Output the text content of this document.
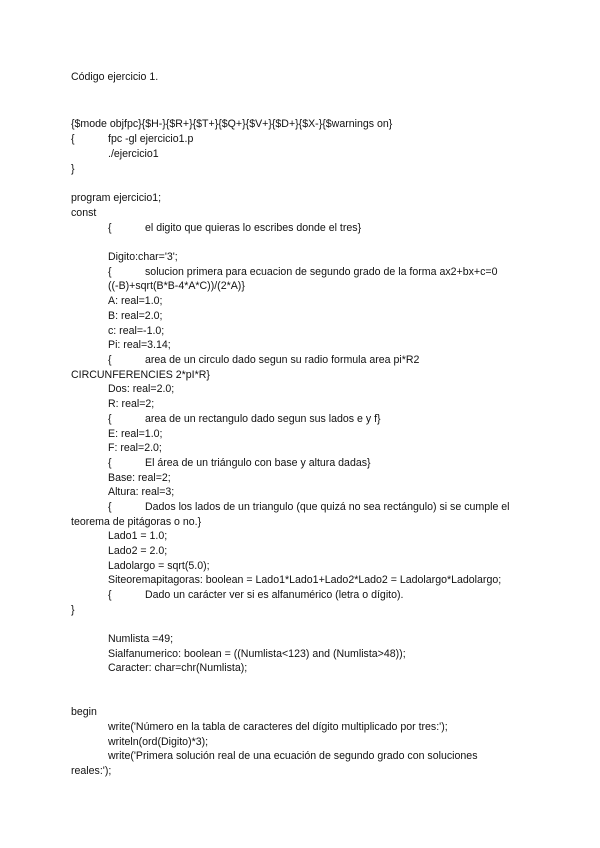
Código ejercicio 1.
{$mode objfpc}{$H-}{$R+}{$T+}{$Q+}{$V+}{$D+}{$X-}{$warnings on}
{	fpc -gl ejercicio1.p
./ejercicio1
}
program ejercicio1;
const
{	el digito que quieras lo escribes donde el tres}
Digito:char='3';
{	solucion primera para ecuacion de segundo grado de la forma ax2+bx+c=0
((-B)+sqrt(B*B-4*A*C))/(2*A)}
A: real=1.0;
B: real=2.0;
c: real=-1.0;
Pi: real=3.14;
{	area de un circulo dado segun su radio formula area pi*R2
CIRCUNFERENCIES 2*pI*R}
Dos: real=2.0;
R: real=2;
{	area de un rectangulo dado segun sus lados e y f}
E: real=1.0;
F: real=2.0;
{	El área de un triángulo con base y altura dadas}
Base: real=2;
Altura: real=3;
{	Dados los lados de un triangulo (que quizá no sea rectángulo) si se cumple el
teorema de pitágoras o no.}
Lado1 = 1.0;
Lado2 = 2.0;
Ladolargo = sqrt(5.0);
Siteoremapitagoras: boolean = Lado1*Lado1+Lado2*Lado2 = Ladolargo*Ladolargo;
{	Dado un carácter ver si es alfanumérico (letra o dígito).
}
Numlista =49;
Sialfanumerico: boolean = ((Numlista<123) and (Numlista>48));
Caracter: char=chr(Numlista);
begin
write('Número en la tabla de caracteres del dígito multiplicado por tres:');
writeln(ord(Digito)*3);
write('Primera solución real de una ecuación de segundo grado con soluciones
reales:');
